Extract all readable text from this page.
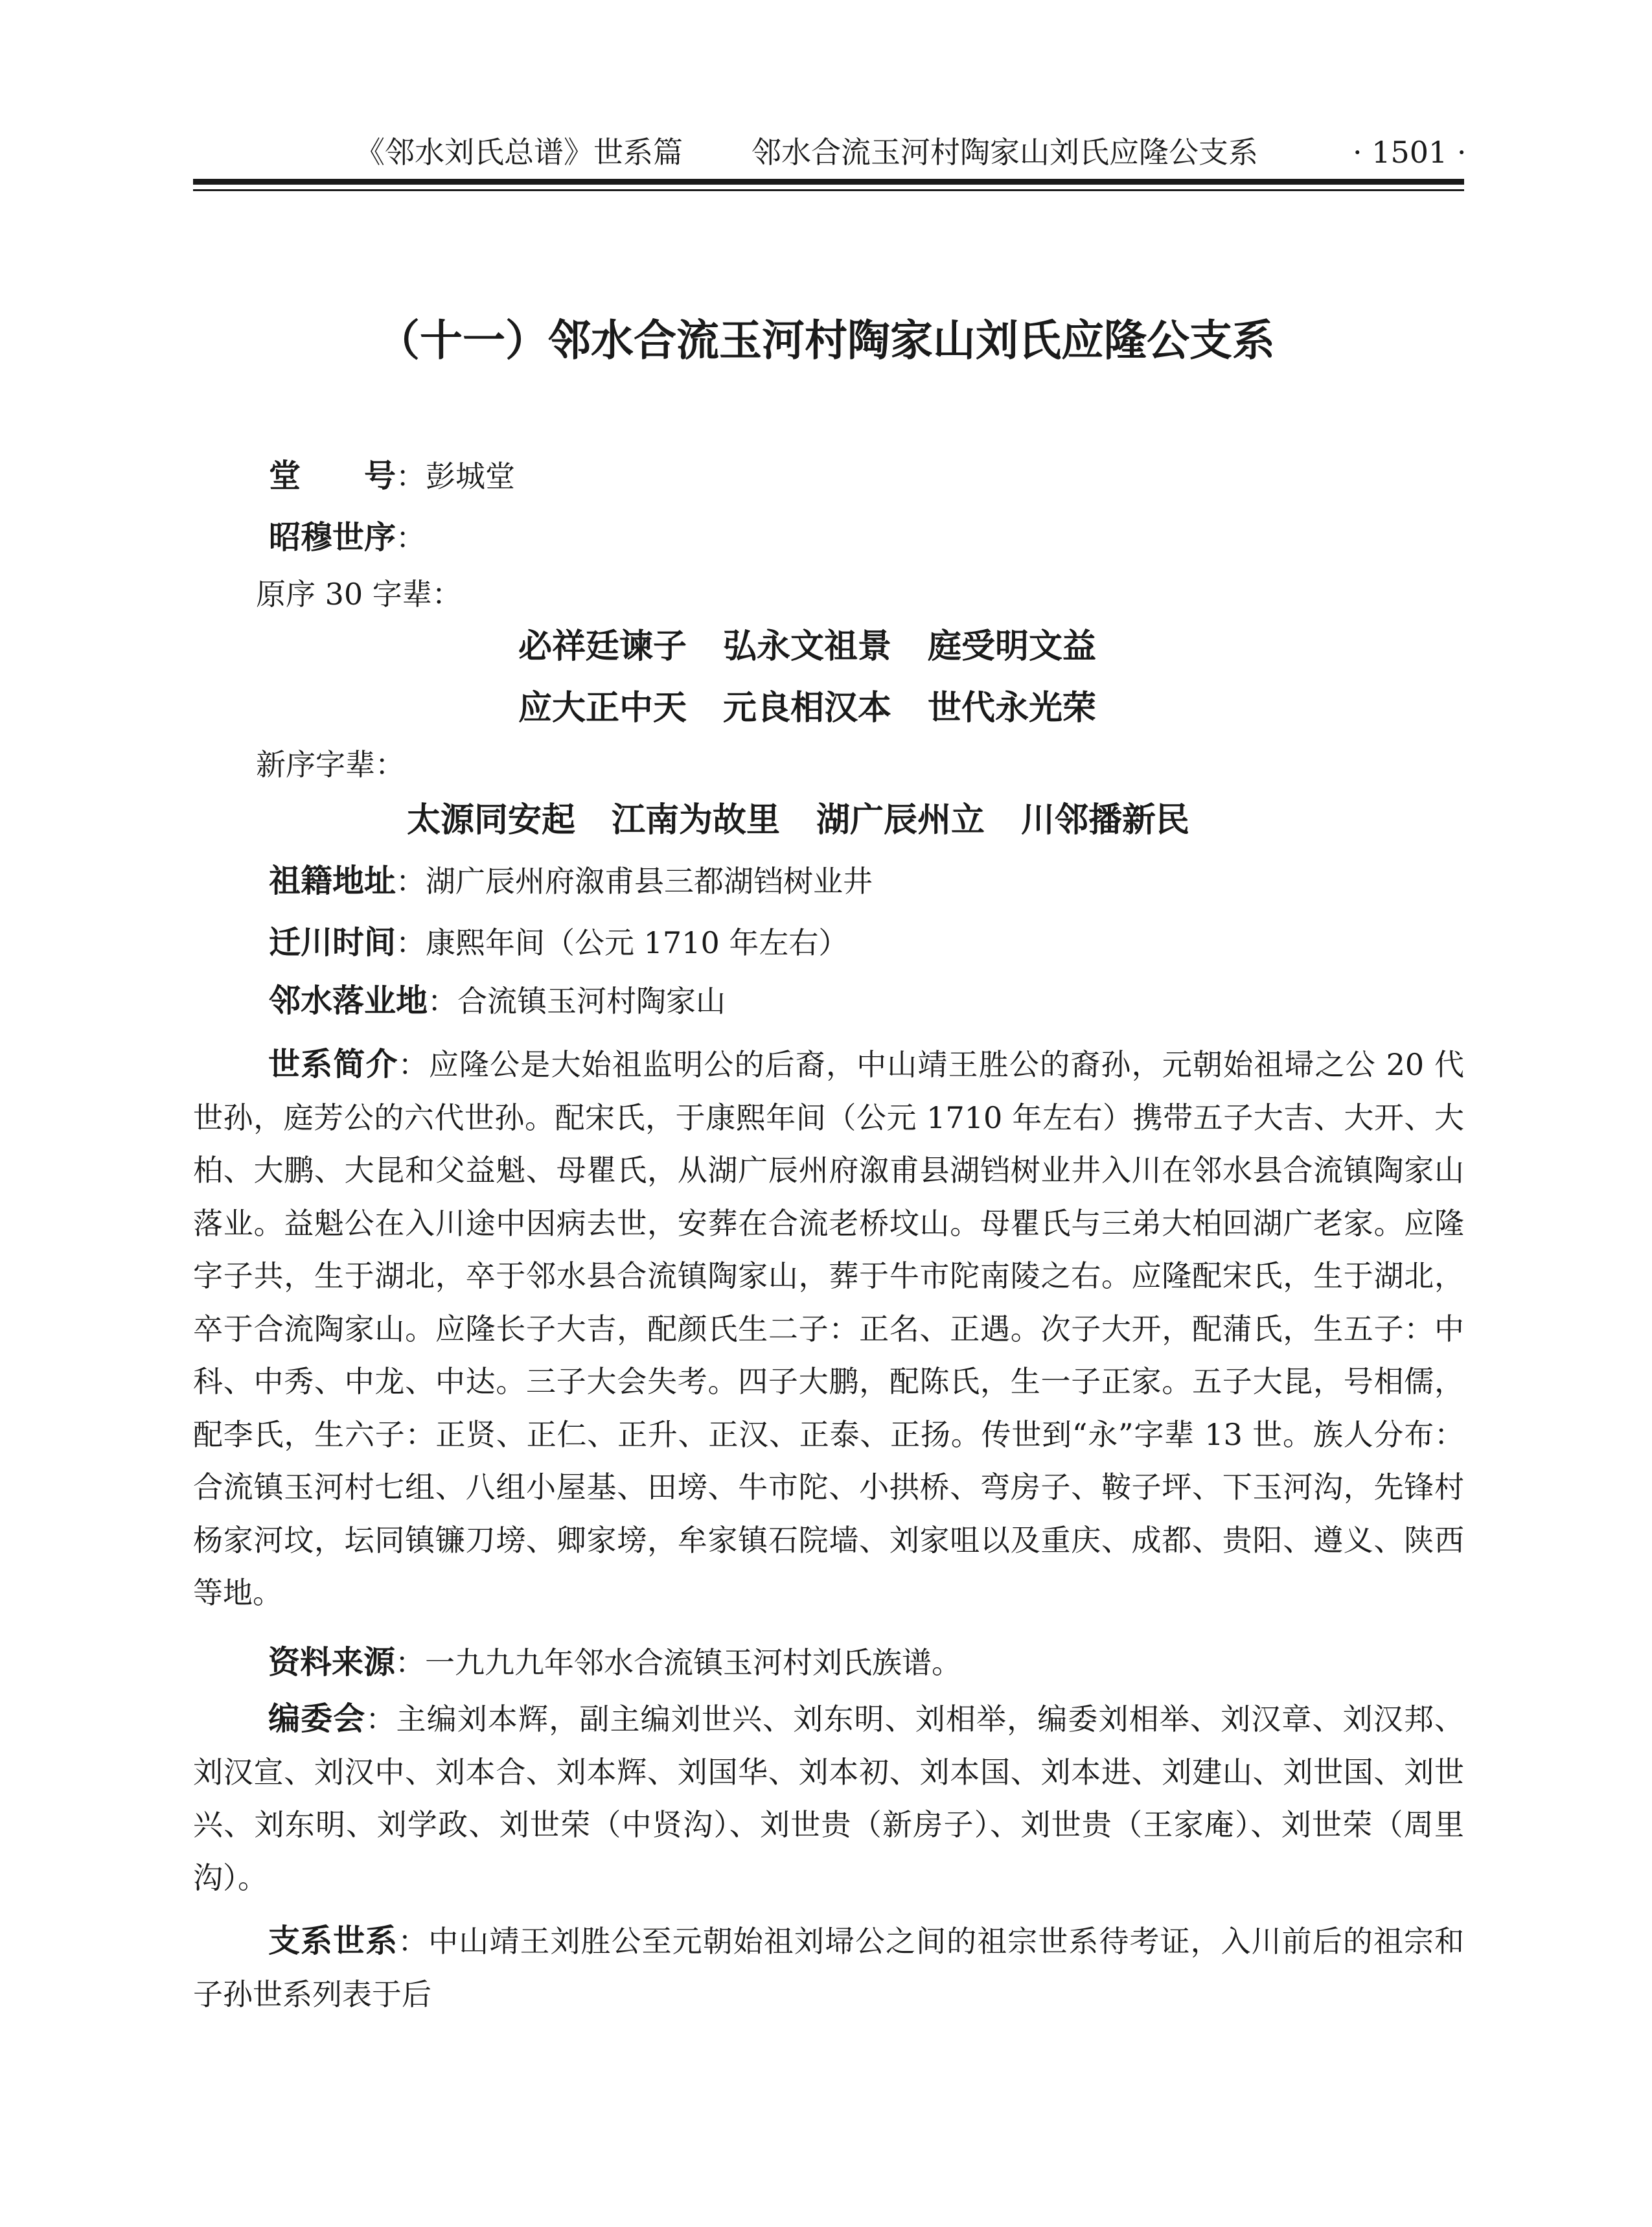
《邻水刘氏总谱》世系篇 邻水合流玉河村陶家山刘氏应隆公支系	· 1501 ·
（十一）邻水合流玉河村陶家山刘氏应隆公支系
堂　　号：彭城堂
昭穆世序：
原序 30 字辈：
必祥廷谏子 弘永文祖景 庭受明文益
应大正中天 元良相汉本 世代永光荣
新序字辈：
太源同安起 江南为故里 湖广辰州立 川邻播新民
祖籍地址：湖广辰州府溆甫县三都湖铛树业井
迁川时间：康熙年间（公元 1710 年左右）
邻水落业地：合流镇玉河村陶家山
世系简介：应隆公是大始祖监明公的后裔，中山靖王胜公的裔孙，元朝始祖埽之公 20 代世孙，庭芳公的六代世孙。配宋氏，于康熙年间（公元 1710 年左右）携带五子大吉、大开、大柏、大鹏、大昆和父益魁、母瞿氏，从湖广辰州府溆甫县湖铛树业井入川在邻水县合流镇陶家山落业。益魁公在入川途中因病去世，安葬在合流老桥坟山。母瞿氏与三弟大柏回湖广老家。应隆字子共，生于湖北，卒于邻水县合流镇陶家山，葬于牛市陀南陵之右。应隆配宋氏，生于湖北，卒于合流陶家山。应隆长子大吉，配颜氏生二子：正名、正遇。次子大开，配蒲氏，生五子：中科、中秀、中龙、中达。三子大会失考。四子大鹏，配陈氏，生一子正家。五子大昆，号相儒，配李氏，生六子：正贤、正仁、正升、正汉、正泰、正扬。传世到“永”字辈 13 世。族人分布：合流镇玉河村七组、八组小屋基、田塝、牛市陀、小拱桥、弯房子、鞍子坪、下玉河沟，先锋村杨家河坟，坛同镇镰刀塝、卿家塝，牟家镇石院墙、刘家咀以及重庆、成都、贵阳、遵义、陕西等地。
资料来源：一九九九年邻水合流镇玉河村刘氏族谱。
编委会：主编刘本辉，副主编刘世兴、刘东明、刘相举，编委刘相举、刘汉章、刘汉邦、刘汉宣、刘汉中、刘本合、刘本辉、刘国华、刘本初、刘本国、刘本进、刘建山、刘世国、刘世兴、刘东明、刘学政、刘世荣（中贤沟）、刘世贵（新房子）、刘世贵（王家庵）、刘世荣（周里沟）。
支系世系：中山靖王刘胜公至元朝始祖刘埽公之间的祖宗世系待考证，入川前后的祖宗和子孙世系列表于后
